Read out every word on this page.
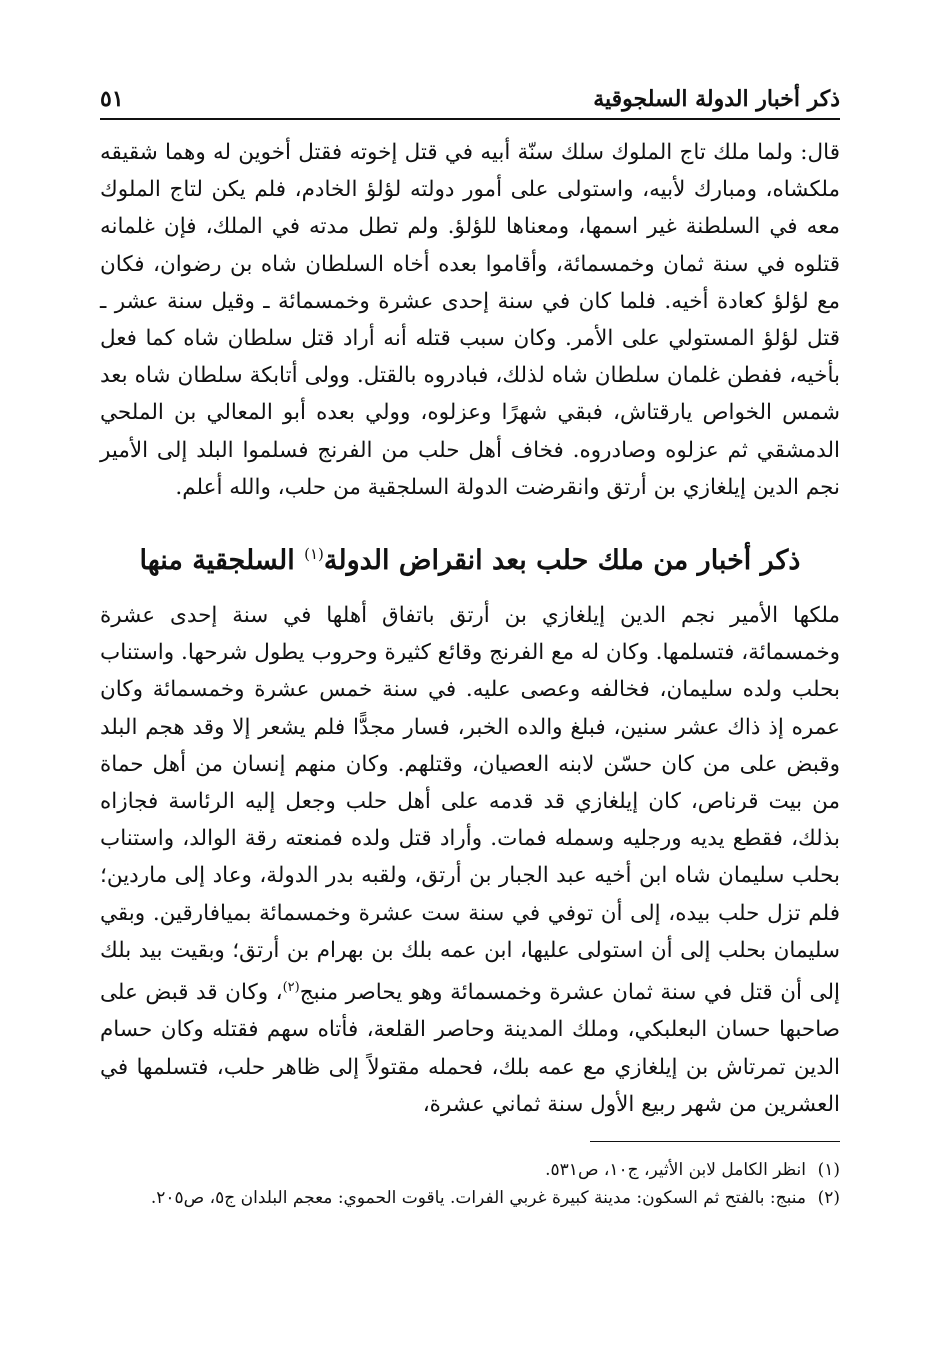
ذكر أخبار الدولة السلجوقية
٥١

قال: ولما ملك تاج الملوك سلك سنّة أبيه في قتل إخوته فقتل أخوين له وهما شقيقه ملكشاه، ومبارك لأبيه، واستولى على أمور دولته لؤلؤ الخادم، فلم يكن لتاج الملوك معه في السلطنة غير اسمها، ومعناها للؤلؤ. ولم تطل مدته في الملك، فإن غلمانه قتلوه في سنة ثمان وخمسمائة، وأقاموا بعده أخاه السلطان شاه بن رضوان، فكان مع لؤلؤ كعادة أخيه. فلما كان في سنة إحدى عشرة وخمسمائة ـ وقيل سنة عشر ـ قتل لؤلؤ المستولي على الأمر. وكان سبب قتله أنه أراد قتل سلطان شاه كما فعل بأخيه، ففطن غلمان سلطان شاه لذلك، فبادروه بالقتل. وولى أتابكة سلطان شاه بعد شمس الخواص يارقتاش، فبقي شهرًا وعزلوه، وولي بعده أبو المعالي بن الملحي الدمشقي ثم عزلوه وصادروه. فخاف أهل حلب من الفرنج فسلموا البلد إلى الأمير نجم الدين إيلغازي بن أرتق وانقرضت الدولة السلجقية من حلب، والله أعلم.

ذكر أخبار من ملك حلب بعد انقراض الدولة$^{(١)}$ السلجقية منها

ملكها الأمير نجم الدين إيلغازي بن أرتق باتفاق أهلها في سنة إحدى عشرة وخمسمائة، فتسلمها. وكان له مع الفرنج وقائع كثيرة وحروب يطول شرحها. واستناب بحلب ولده سليمان، فخالفه وعصى عليه. في سنة خمس عشرة وخمسمائة وكان عمره إذ ذاك عشر سنين، فبلغ والده الخبر، فسار مجدًّا فلم يشعر إلا وقد هجم البلد وقبض على من كان حسّن لابنه العصيان، وقتلهم. وكان منهم إنسان من أهل حماة من بيت قرناص، كان إيلغازي قد قدمه على أهل حلب وجعل إليه الرئاسة فجازاه بذلك، فقطع يديه ورجليه وسمله فمات. وأراد قتل ولده فمنعته رقة الوالد، واستناب بحلب سليمان شاه ابن أخيه عبد الجبار بن أرتق، ولقبه بدر الدولة، وعاد إلى ماردين؛ فلم تزل حلب بيده، إلى أن توفي في سنة ست عشرة وخمسمائة بميافارقين. وبقي سليمان بحلب إلى أن استولى عليها، ابن عمه بلك بن بهرام بن أرتق؛ وبقيت بيد بلك إلى أن قتل في سنة ثمان عشرة وخمسمائة وهو يحاصر منبج$^{(٢)}$، وكان قد قبض على صاحبها حسان البعلبكي، وملك المدينة وحاصر القلعة، فأتاه سهم فقتله وكان حسام الدين تمرتاش بن إيلغازي مع عمه بلك، فحمله مقتولاً إلى ظاهر حلب، فتسلمها في العشرين من شهر ربيع الأول سنة ثماني عشرة،

(١)
انظر الكامل لابن الأثير، ج١٠، ص٥٣١.
(٢)
منبج: بالفتح ثم السكون: مدينة كبيرة غربي الفرات. ياقوت الحموي: معجم البلدان ج٥، ص٢٠٥.
